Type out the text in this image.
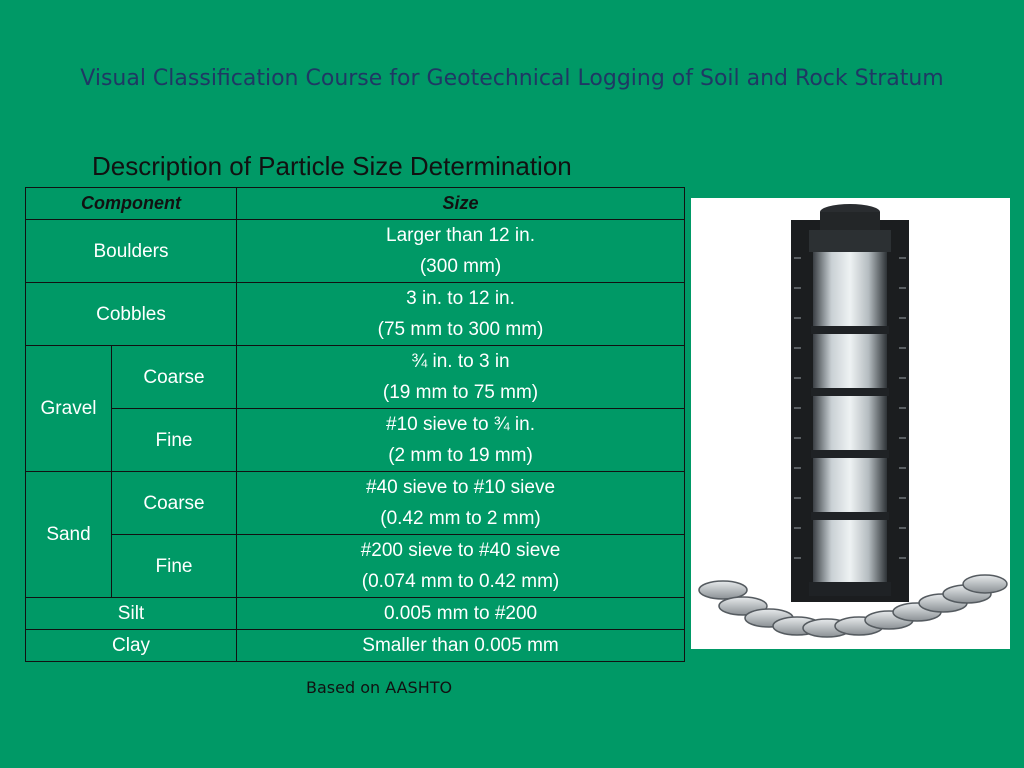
Visual Classification Course for Geotechnical Logging of Soil and Rock Stratum
Description of Particle Size Determination
Component		Size
Boulders		Larger than 12 in.
(300 mm)

Cobbles		3 in. to 12 in.
(75 mm to 300 mm)

Gravel	Coarse	¾ in. to 3 in
(19 mm to 75 mm)

	Fine	#10 sieve to ¾ in.
(2 mm to 19 mm)

Sand	Coarse	#40 sieve to #10 sieve
(0.42 mm to 2 mm)

	Fine	#200 sieve to #40 sieve
(0.074 mm to 0.42 mm)

Silt		0.005 mm to #200
Clay		Smaller than 0.005 mm
Based on AASHTO
